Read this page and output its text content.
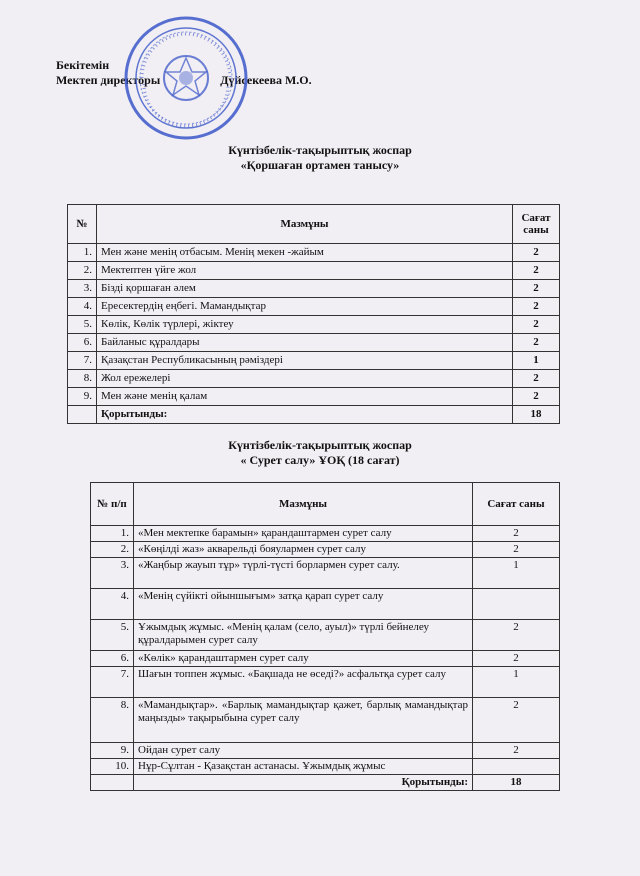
Бекітемін
Мектеп директоры	Дүйсекеева М.О.
Күнтізбелік-тақырыптық жоспар
«Қоршаған ортамен танысу»
№	Мазмұны	Сағат саны
1.	Мен және менің отбасым. Менің мекен -жайым	2
2.	Мектептен үйге жол	2
3.	Бізді қоршаған әлем	2
4.	Ересектердің еңбегі. Мамандықтар	2
5.	Көлік, Көлік түрлері, жіктеу	2
6.	Байланыс құралдары	2
7.	Қазақстан Республикасының рәміздері	1
8.	Жол ережелері	2
9.	Мен және менің қалам	2
	Қорытынды:	18
Күнтізбелік-тақырыптық жоспар
« Сурет салу» ҰОҚ (18 сағат)
№ п/п	Мазмұны	Сағат саны
1.	«Мен мектепке барамын» қарандаштармен сурет салу	2
2.	«Көңілді жаз» акварельді бояулармен сурет салу	2
3.	«Жаңбыр жауып тұр» түрлі-түсті борлармен сурет салу.	1
4.	«Менің сүйікті ойыншығым» затқа қарап сурет салу	
5.	Ұжымдық жұмыс. «Менің қалам (село, ауыл)» түрлі бейнелеу құралдарымен сурет салу	2
6.	«Көлік» қарандаштармен сурет салу	2
7.	Шағын топпен жұмыс. «Бақшада не өседі?» асфальтқа сурет салу	1
8.	«Мамандықтар». «Барлық мамандықтар қажет, барлық мамандықтар маңызды» тақырыбына сурет салу	2
9.	Ойдан сурет салу	2
10.	Нұр-Сұлтан - Қазақстан астанасы. Ұжымдық жұмыс	
	Қорытынды:	18
